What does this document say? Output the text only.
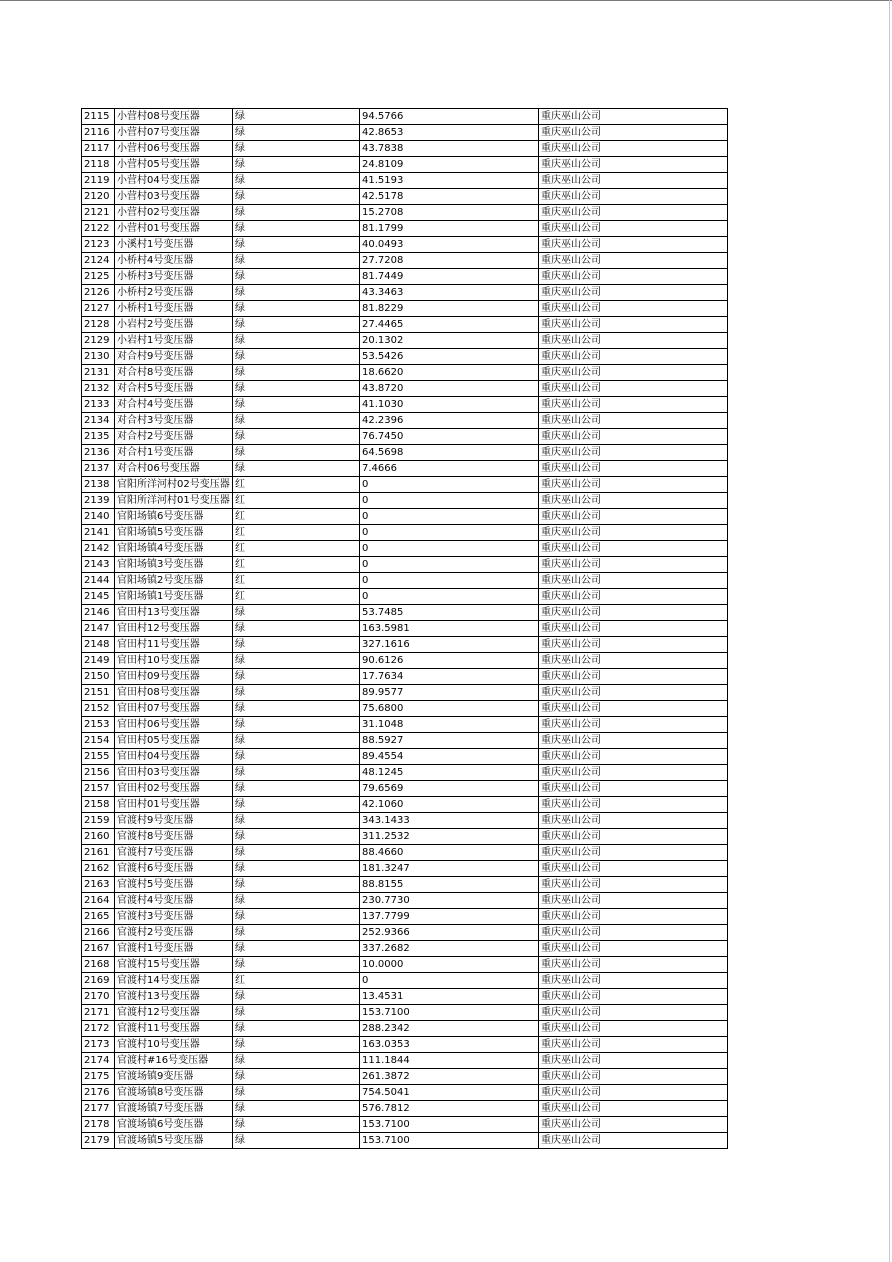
2115	小营村08号变压器	绿	94.5766	重庆巫山公司
2116	小营村07号变压器	绿	42.8653	重庆巫山公司
2117	小营村06号变压器	绿	43.7838	重庆巫山公司
2118	小营村05号变压器	绿	24.8109	重庆巫山公司
2119	小营村04号变压器	绿	41.5193	重庆巫山公司
2120	小营村03号变压器	绿	42.5178	重庆巫山公司
2121	小营村02号变压器	绿	15.2708	重庆巫山公司
2122	小营村01号变压器	绿	81.1799	重庆巫山公司
2123	小溪村1号变压器	绿	40.0493	重庆巫山公司
2124	小桥村4号变压器	绿	27.7208	重庆巫山公司
2125	小桥村3号变压器	绿	81.7449	重庆巫山公司
2126	小桥村2号变压器	绿	43.3463	重庆巫山公司
2127	小桥村1号变压器	绿	81.8229	重庆巫山公司
2128	小岩村2号变压器	绿	27.4465	重庆巫山公司
2129	小岩村1号变压器	绿	20.1302	重庆巫山公司
2130	对合村9号变压器	绿	53.5426	重庆巫山公司
2131	对合村8号变压器	绿	18.6620	重庆巫山公司
2132	对合村5号变压器	绿	43.8720	重庆巫山公司
2133	对合村4号变压器	绿	41.1030	重庆巫山公司
2134	对合村3号变压器	绿	42.2396	重庆巫山公司
2135	对合村2号变压器	绿	76.7450	重庆巫山公司
2136	对合村1号变压器	绿	64.5698	重庆巫山公司
2137	对合村06号变压器	绿	7.4666	重庆巫山公司
2138	官阳所洋河村02号变压器	红	0	重庆巫山公司
2139	官阳所洋河村01号变压器	红	0	重庆巫山公司
2140	官阳场镇6号变压器	红	0	重庆巫山公司
2141	官阳场镇5号变压器	红	0	重庆巫山公司
2142	官阳场镇4号变压器	红	0	重庆巫山公司
2143	官阳场镇3号变压器	红	0	重庆巫山公司
2144	官阳场镇2号变压器	红	0	重庆巫山公司
2145	官阳场镇1号变压器	红	0	重庆巫山公司
2146	官田村13号变压器	绿	53.7485	重庆巫山公司
2147	官田村12号变压器	绿	163.5981	重庆巫山公司
2148	官田村11号变压器	绿	327.1616	重庆巫山公司
2149	官田村10号变压器	绿	90.6126	重庆巫山公司
2150	官田村09号变压器	绿	17.7634	重庆巫山公司
2151	官田村08号变压器	绿	89.9577	重庆巫山公司
2152	官田村07号变压器	绿	75.6800	重庆巫山公司
2153	官田村06号变压器	绿	31.1048	重庆巫山公司
2154	官田村05号变压器	绿	88.5927	重庆巫山公司
2155	官田村04号变压器	绿	89.4554	重庆巫山公司
2156	官田村03号变压器	绿	48.1245	重庆巫山公司
2157	官田村02号变压器	绿	79.6569	重庆巫山公司
2158	官田村01号变压器	绿	42.1060	重庆巫山公司
2159	官渡村9号变压器	绿	343.1433	重庆巫山公司
2160	官渡村8号变压器	绿	311.2532	重庆巫山公司
2161	官渡村7号变压器	绿	88.4660	重庆巫山公司
2162	官渡村6号变压器	绿	181.3247	重庆巫山公司
2163	官渡村5号变压器	绿	88.8155	重庆巫山公司
2164	官渡村4号变压器	绿	230.7730	重庆巫山公司
2165	官渡村3号变压器	绿	137.7799	重庆巫山公司
2166	官渡村2号变压器	绿	252.9366	重庆巫山公司
2167	官渡村1号变压器	绿	337.2682	重庆巫山公司
2168	官渡村15号变压器	绿	10.0000	重庆巫山公司
2169	官渡村14号变压器	红	0	重庆巫山公司
2170	官渡村13号变压器	绿	13.4531	重庆巫山公司
2171	官渡村12号变压器	绿	153.7100	重庆巫山公司
2172	官渡村11号变压器	绿	288.2342	重庆巫山公司
2173	官渡村10号变压器	绿	163.0353	重庆巫山公司
2174	官渡村#16号变压器	绿	111.1844	重庆巫山公司
2175	官渡场镇9变压器	绿	261.3872	重庆巫山公司
2176	官渡场镇8号变压器	绿	754.5041	重庆巫山公司
2177	官渡场镇7号变压器	绿	576.7812	重庆巫山公司
2178	官渡场镇6号变压器	绿	153.7100	重庆巫山公司
2179	官渡场镇5号变压器	绿	153.7100	重庆巫山公司
